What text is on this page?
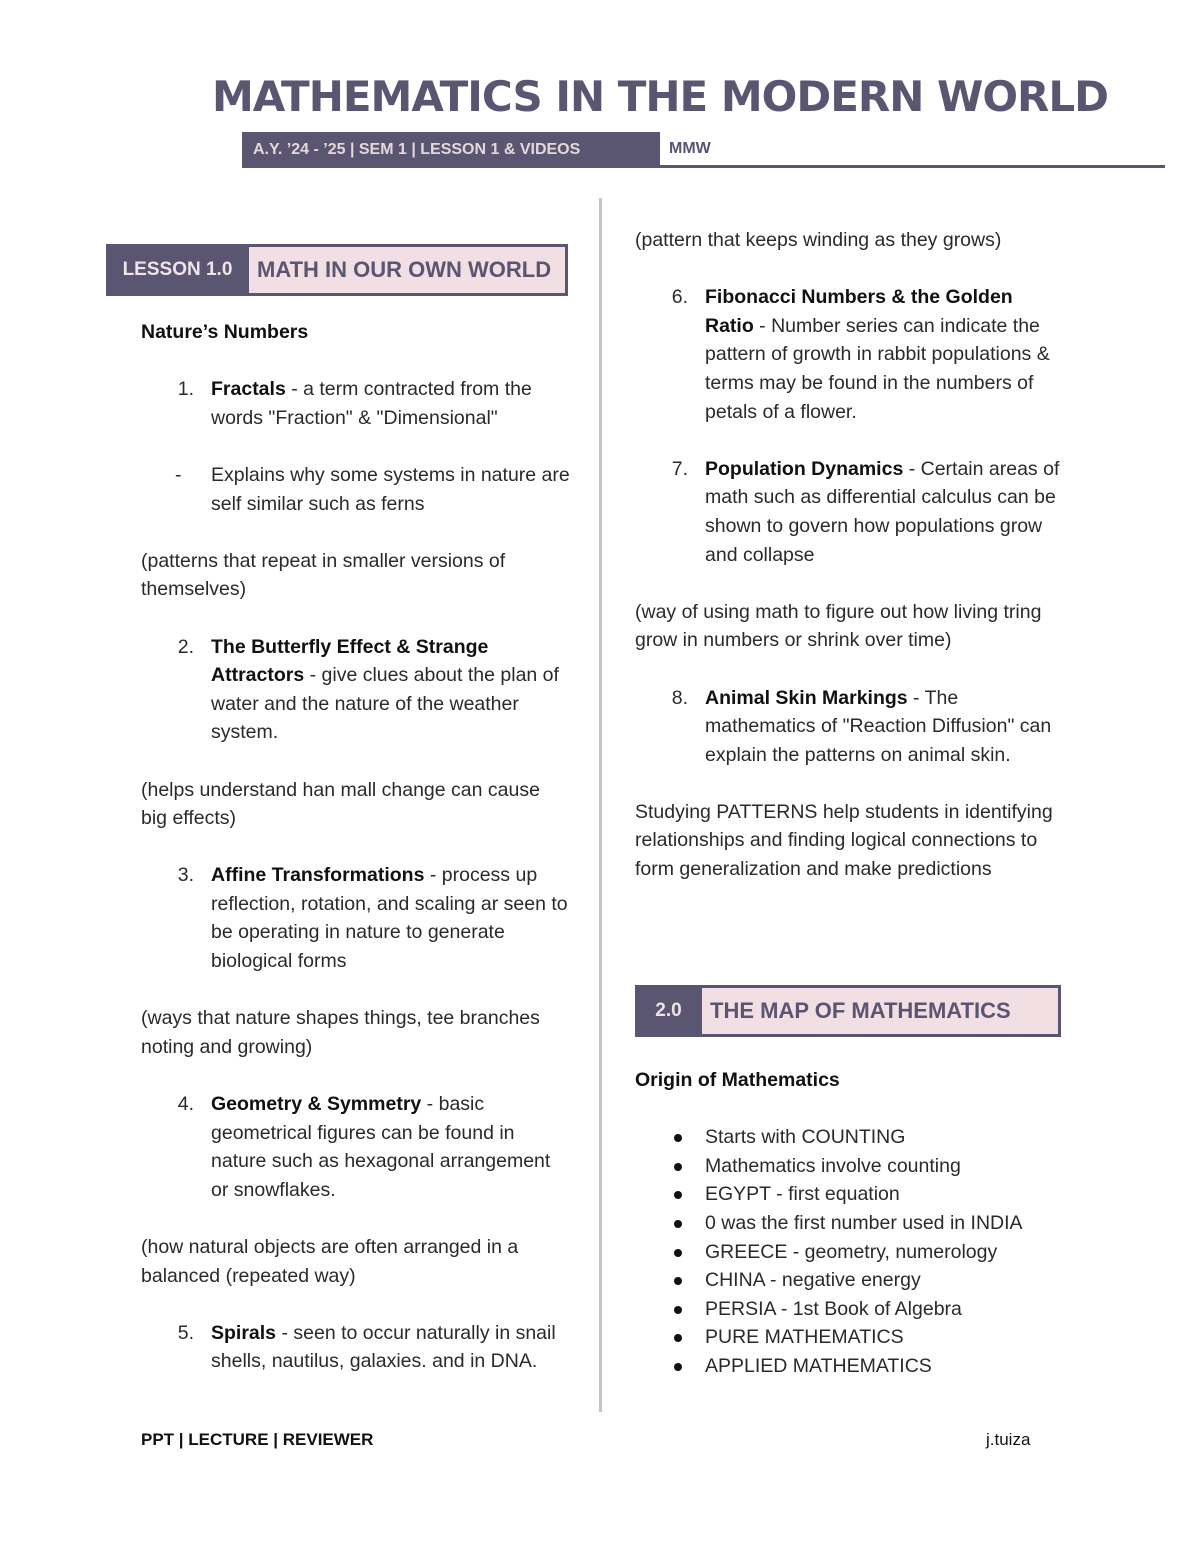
MATHEMATICS IN THE MODERN WORLD
A.Y. ’24 - ’25 | SEM 1 | LESSON 1 & VIDEOS	MMW
LESSON 1.0	MATH IN OUR OWN WORLD

Nature’s Numbers

1. Fractals - a term contracted from the words "Fraction" & "Dimensional"
-	Explains why some systems in nature are self similar such as ferns

(patterns that repeat in smaller versions of themselves)

2. The Butterfly Effect & Strange Attractors - give clues about the plan of water and the nature of the weather system.

(helps understand han mall change can cause big effects)

3. Affine Transformations - process up reflection, rotation, and scaling ar seen to be operating in nature to generate biological forms

(ways that nature shapes things, tee branches noting and growing)

4. Geometry & Symmetry - basic geometrical figures can be found in nature such as hexagonal arrangement or snowflakes.

(how natural objects are often arranged in a balanced (repeated way)

5. Spirals - seen to occur naturally in snail shells, nautilus, galaxies. and in DNA.

(pattern that keeps winding as they grows)

6. Fibonacci Numbers & the Golden Ratio - Number series can indicate the pattern of growth in rabbit populations & terms may be found in the numbers of petals of a flower.
7. Population Dynamics - Certain areas of math such as differential calculus can be shown to govern how populations grow and collapse

(way of using math to figure out how living tring grow in numbers or shrink over time)

8. Animal Skin Markings - The mathematics of "Reaction Diffusion" can explain the patterns on animal skin.

Studying PATTERNS help students in identifying relationships and finding logical connections to form generalization and make predictions

2.0	THE MAP OF MATHEMATICS

Origin of Mathematics

Starts with COUNTING
Mathematics involve counting
EGYPT - first equation
0 was the first number used in INDIA
GREECE - geometry, numerology
CHINA - negative energy
PERSIA - 1st Book of Algebra
PURE MATHEMATICS
APPLIED MATHEMATICS
PPT | LECTURE | REVIEWER	j.tuiza
